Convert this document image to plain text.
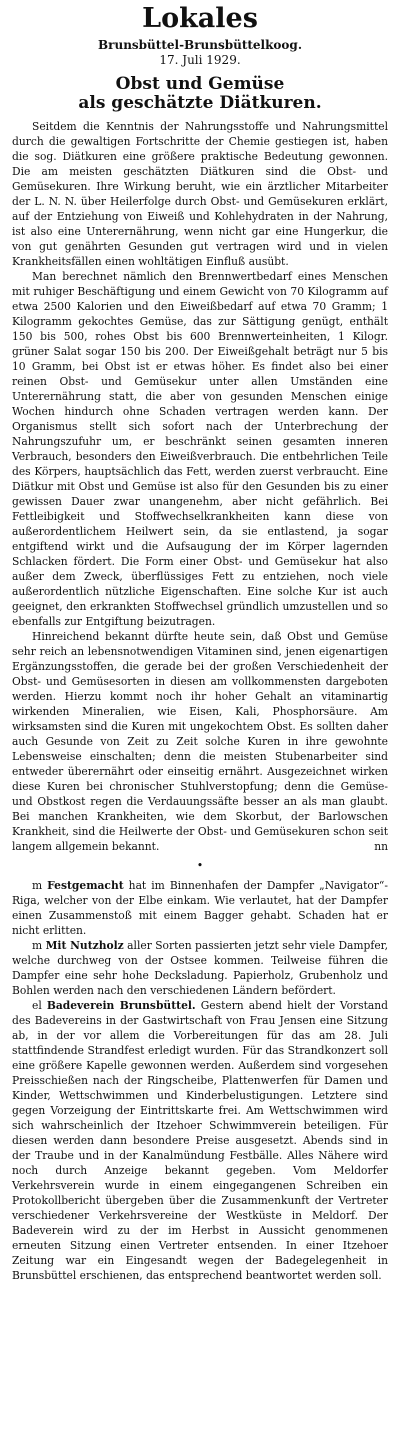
Lokales
Brunsbüttel-Brunsbüttelkoog.
17. Juli 1929.
Obst und Gemüse
als geschätzte Diätkuren.

Seitdem die Kenntnis der Nahrungsstoffe und Nahrungsmittel durch die gewaltigen Fortschritte der Chemie gestiegen ist, haben die sog. Diätkuren eine größere praktische Bedeutung gewonnen. Die am meisten geschätzten Diätkuren sind die Obst- und Gemüsekuren. Ihre Wirkung beruht, wie ein ärztlicher Mitarbeiter der L. N. N. über Heilerfolge durch Obst- und Gemüsekuren erklärt, auf der Entziehung von Eiweiß und Kohlehydraten in der Nahrung, ist also eine Unterernährung, wenn nicht gar eine Hungerkur, die von gut genährten Gesunden gut vertragen wird und in vielen Krankheitsfällen einen wohltätigen Einfluß ausübt.

Man berechnet nämlich den Brennwertbedarf eines Menschen mit ruhiger Beschäftigung und einem Gewicht von 70 Kilogramm auf etwa 2500 Kalorien und den Eiweißbedarf auf etwa 70 Gramm; 1 Kilogramm gekochtes Gemüse, das zur Sättigung genügt, enthält 150 bis 500, rohes Obst bis 600 Brennwerteinheiten, 1 Kilogr. grüner Salat sogar 150 bis 200. Der Eiweißgehalt beträgt nur 5 bis 10 Gramm, bei Obst ist er etwas höher. Es findet also bei einer reinen Obst- und Gemüsekur unter allen Umständen eine Unterernährung statt, die aber von gesunden Menschen einige Wochen hindurch ohne Schaden vertragen werden kann. Der Organismus stellt sich sofort nach der Unterbrechung der Nahrungszufuhr um, er beschränkt seinen gesamten inneren Verbrauch, besonders den Eiweißverbrauch. Die entbehrlichen Teile des Körpers, hauptsächlich das Fett, werden zuerst verbraucht. Eine Diätkur mit Obst und Gemüse ist also für den Gesunden bis zu einer gewissen Dauer zwar unangenehm, aber nicht gefährlich. Bei Fettleibigkeit und Stoffwechselkrankheiten kann diese von außerordentlichem Heilwert sein, da sie entlastend, ja sogar entgiftend wirkt und die Aufsaugung der im Körper lagernden Schlacken fördert. Die Form einer Obst- und Gemüsekur hat also außer dem Zweck, überflüssiges Fett zu entziehen, noch viele außerordentlich nützliche Eigenschaften. Eine solche Kur ist auch geeignet, den erkrankten Stoffwechsel gründlich umzustellen und so ebenfalls zur Entgiftung beizutragen.

Hinreichend bekannt dürfte heute sein, daß Obst und Gemüse sehr reich an lebensnotwendigen Vitaminen sind, jenen eigenartigen Ergänzungsstoffen, die gerade bei der großen Verschiedenheit der Obst- und Gemüsesorten in diesen am vollkommensten dargeboten werden. Hierzu kommt noch ihr hoher Gehalt an vitaminartig wirkenden Mineralien, wie Eisen, Kali, Phosphorsäure. Am wirksamsten sind die Kuren mit ungekochtem Obst. Es sollten daher auch Gesunde von Zeit zu Zeit solche Kuren in ihre gewohnte Lebensweise einschalten; denn die meisten Stubenarbeiter sind entweder überernährt oder einseitig ernährt. Ausgezeichnet wirken diese Kuren bei chronischer Stuhlverstopfung; denn die Gemüse- und Obstkost regen die Verdauungssäfte besser an als man glaubt. Bei manchen Krankheiten, wie dem Skorbut, der Barlowschen Krankheit, sind die Heilwerte der Obst- und Gemüsekuren schon seit langem allgemein bekannt.	nn

•

m Festgemacht hat im Binnenhafen der Dampfer „Navigator“-Riga, welcher von der Elbe einkam. Wie verlautet, hat der Dampfer einen Zusammenstoß mit einem Bagger gehabt. Schaden hat er nicht erlitten.

m Mit Nutzholz aller Sorten passierten jetzt sehr viele Dampfer, welche durchweg von der Ostsee kommen. Teilweise führen die Dampfer eine sehr hohe Decksladung. Papierholz, Grubenholz und Bohlen werden nach den verschiedenen Ländern befördert.

el Badeverein Brunsbüttel. Gestern abend hielt der Vorstand des Badevereins in der Gastwirtschaft von Frau Jensen eine Sitzung ab, in der vor allem die Vorbereitungen für das am 28. Juli stattfindende Strandfest erledigt wurden. Für das Strandkonzert soll eine größere Kapelle gewonnen werden. Außerdem sind vorgesehen Preisschießen nach der Ringscheibe, Plattenwerfen für Damen und Kinder, Wettschwimmen und Kinderbelustigungen. Letztere sind gegen Vorzeigung der Eintrittskarte frei. Am Wettschwimmen wird sich wahrscheinlich der Itzehoer Schwimmverein beteiligen. Für diesen werden dann besondere Preise ausgesetzt. Abends sind in der Traube und in der Kanalmündung Festbälle. Alles Nähere wird noch durch Anzeige bekannt gegeben. Vom Meldorfer Verkehrsverein wurde in einem eingegangenen Schreiben ein Protokollbericht übergeben über die Zusammenkunft der Vertreter verschiedener Verkehrsvereine der Westküste in Meldorf. Der Badeverein wird zu der im Herbst in Aussicht genommenen erneuten Sitzung einen Vertreter entsenden. In einer Itzehoer Zeitung war ein Eingesandt wegen der Badegelegenheit in Brunsbüttel erschienen, das entsprechend beantwortet werden soll.
